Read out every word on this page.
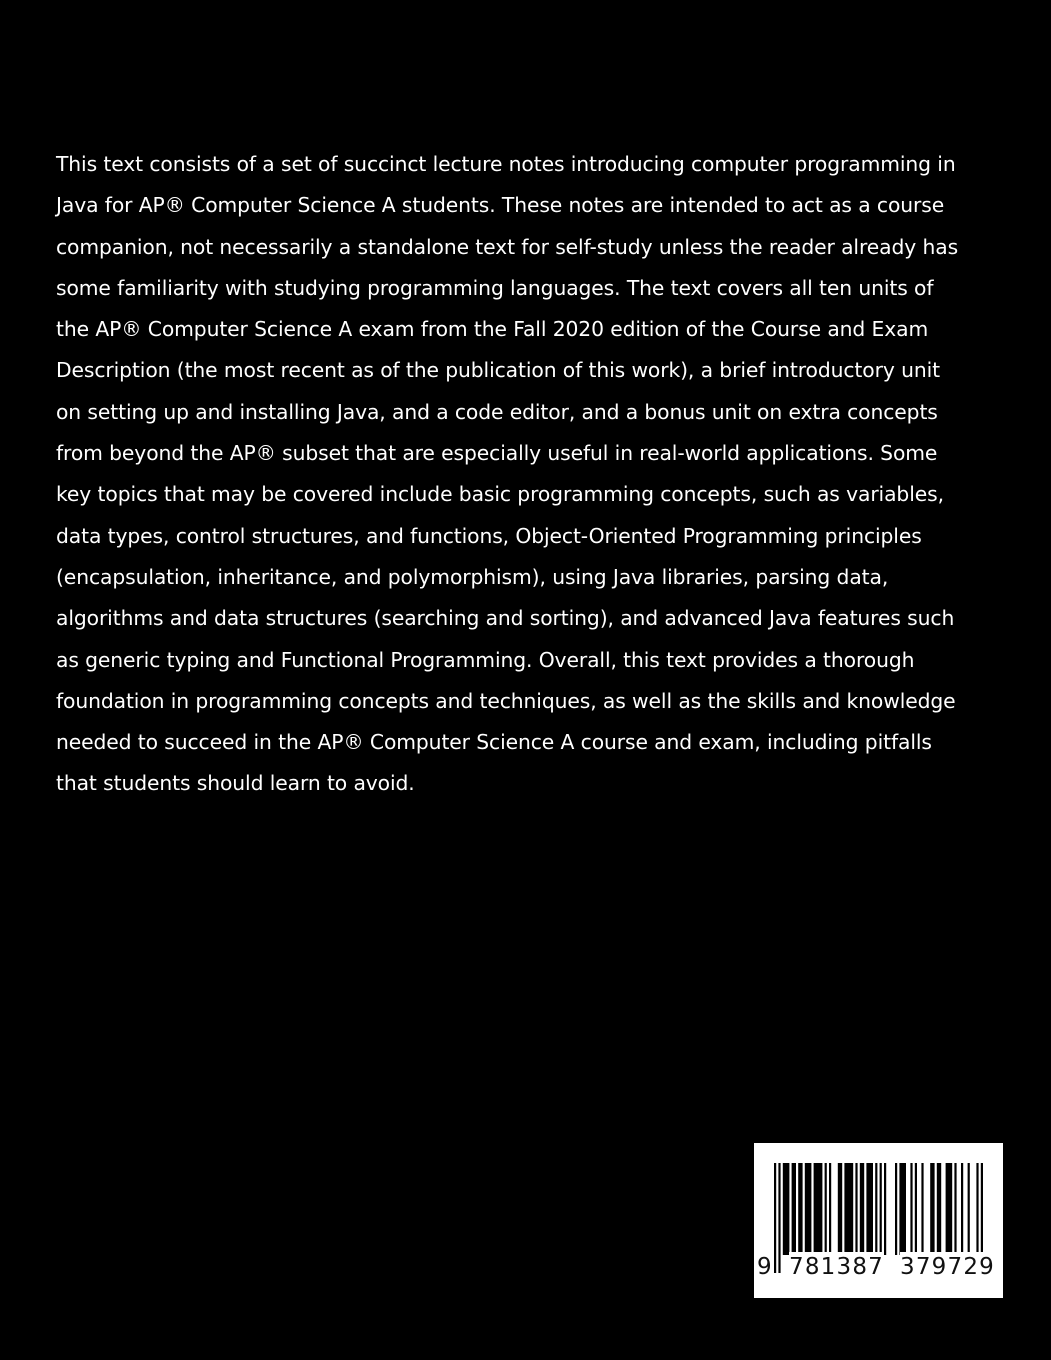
This text consists of a set of succinct lecture notes introducing computer programming in
Java for AP® Computer Science A students. These notes are intended to act as a course
companion, not necessarily a standalone text for self-study unless the reader already has
some familiarity with studying programming languages. The text covers all ten units of
the AP® Computer Science A exam from the Fall 2020 edition of the Course and Exam
Description (the most recent as of the publication of this work), a brief introductory unit
on setting up and installing Java, and a code editor, and a bonus unit on extra concepts
from beyond the AP® subset that are especially useful in real-world applications. Some
key topics that may be covered include basic programming concepts, such as variables,
data types, control structures, and functions, Object-Oriented Programming principles
(encapsulation, inheritance, and polymorphism), using Java libraries, parsing data,
algorithms and data structures (searching and sorting), and advanced Java features such
as generic typing and Functional Programming. Overall, this text provides a thorough
foundation in programming concepts and techniques, as well as the skills and knowledge
needed to succeed in the AP® Computer Science A course and exam, including pitfalls
that students should learn to avoid.
9 781387 379729
